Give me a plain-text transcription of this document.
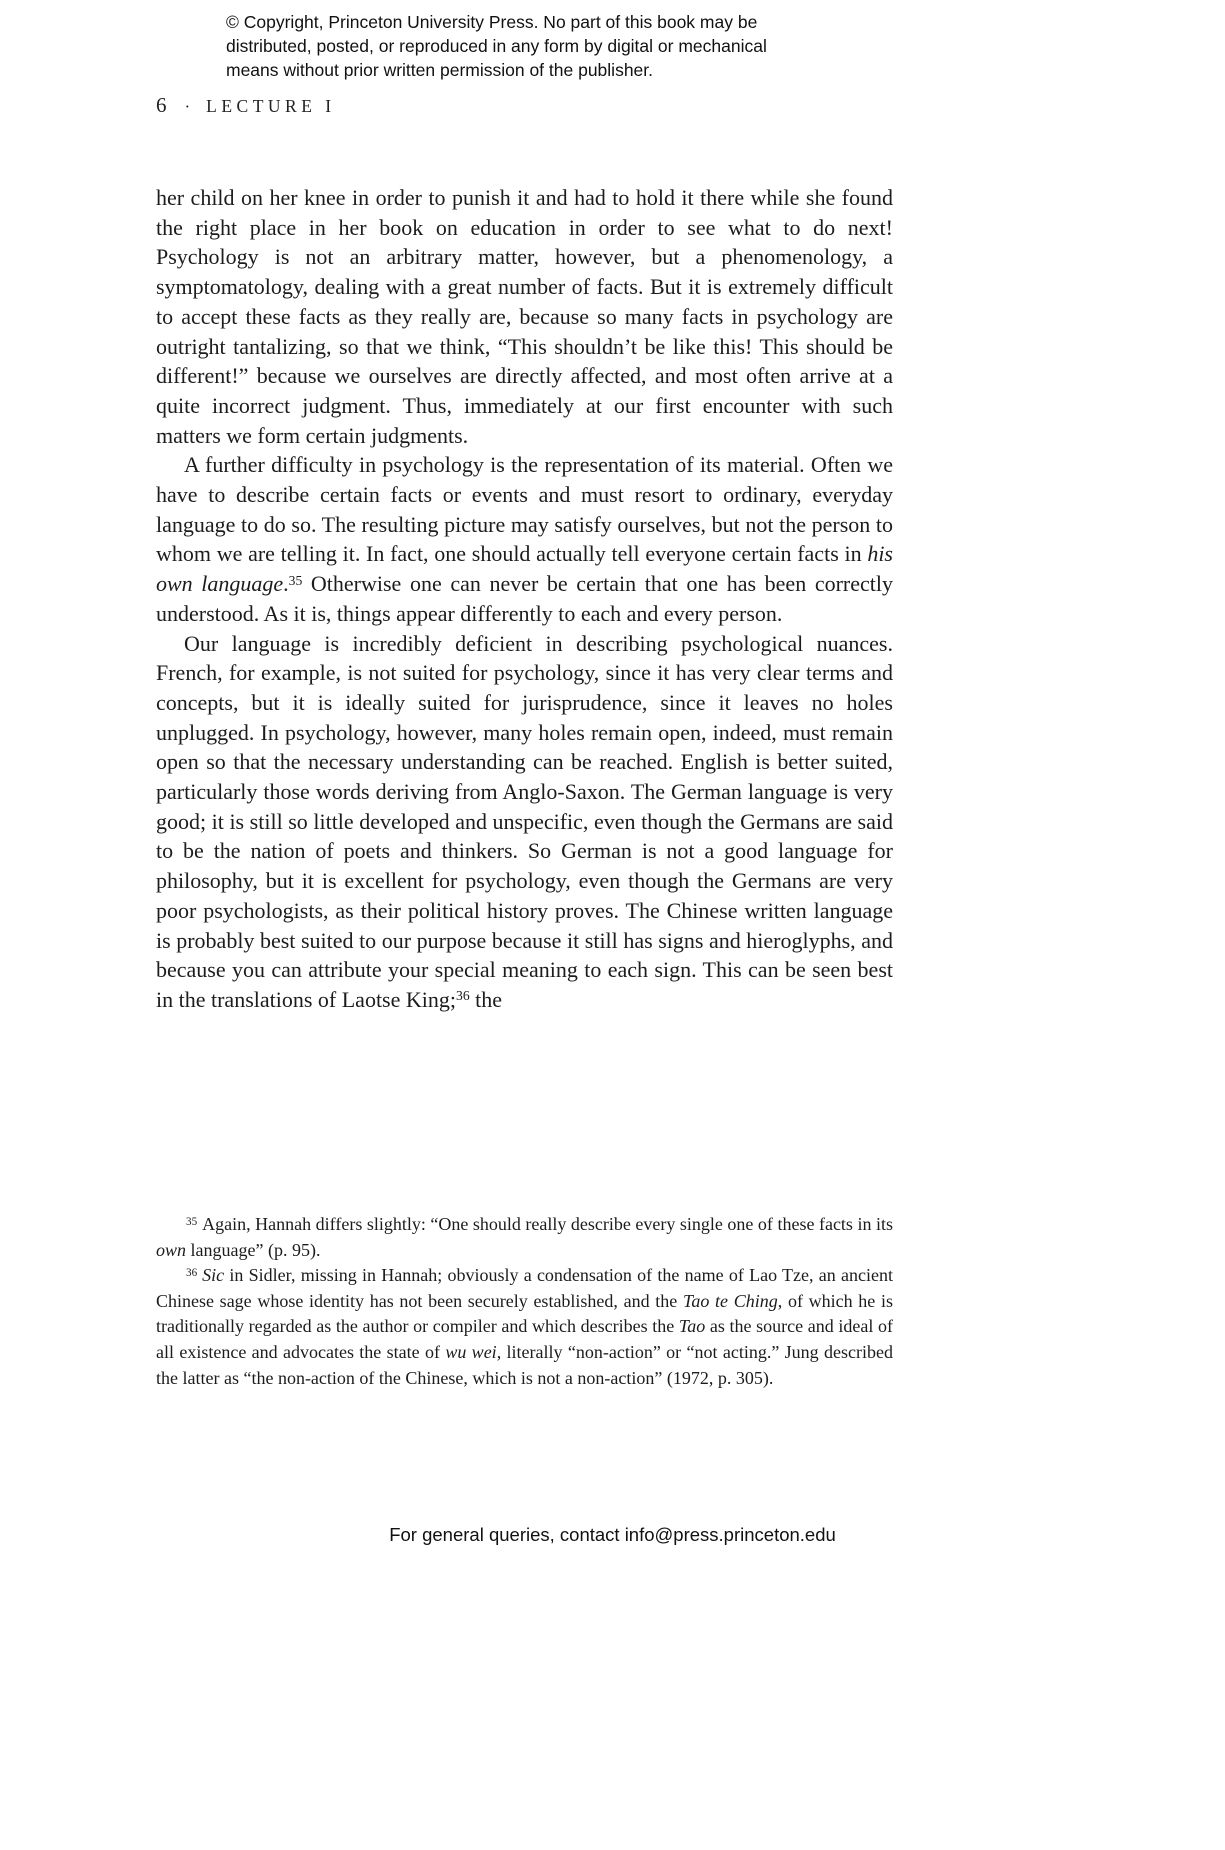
© Copyright, Princeton University Press. No part of this book may be
distributed, posted, or reproduced in any form by digital or mechanical
means without prior written permission of the publisher.
6 · LECTURE I

her child on her knee in order to punish it and had to hold it there while she found the right place in her book on education in order to see what to do next! Psychology is not an arbitrary matter, however, but a phenomenology, a symptomatology, dealing with a great number of facts. But it is extremely difficult to accept these facts as they really are, because so many facts in psychology are outright tantalizing, so that we think, “This shouldn’t be like this! This should be different!” because we ourselves are directly affected, and most often arrive at a quite incorrect judgment. Thus, immediately at our first encounter with such matters we form certain judgments.

A further difficulty in psychology is the representation of its material. Often we have to describe certain facts or events and must resort to ordinary, everyday language to do so. The resulting picture may satisfy ourselves, but not the person to whom we are telling it. In fact, one should actually tell everyone certain facts in his own language.$^{35}$ Otherwise one can never be certain that one has been correctly understood. As it is, things appear differently to each and every person.

Our language is incredibly deficient in describing psychological nuances. French, for example, is not suited for psychology, since it has very clear terms and concepts, but it is ideally suited for jurisprudence, since it leaves no holes unplugged. In psychology, however, many holes remain open, indeed, must remain open so that the necessary understanding can be reached. English is better suited, particularly those words deriving from Anglo-Saxon. The German language is very good; it is still so little developed and unspecific, even though the Germans are said to be the nation of poets and thinkers. So German is not a good language for philosophy, but it is excellent for psychology, even though the Germans are very poor psychologists, as their political history proves. The Chinese written language is probably best suited to our purpose because it still has signs and hieroglyphs, and because you can attribute your special meaning to each sign. This can be seen best in the translations of Laotse King;$^{36}$ the

$^{35}$ Again, Hannah differs slightly: “One should really describe every single one of these facts in its own language” (p. 95).

$^{36}$ Sic in Sidler, missing in Hannah; obviously a condensation of the name of Lao Tze, an ancient Chinese sage whose identity has not been securely established, and the Tao te Ching, of which he is traditionally regarded as the author or compiler and which describes the Tao as the source and ideal of all existence and advocates the state of wu wei, literally “non-action” or “not acting.” Jung described the latter as “the non-action of the Chinese, which is not a non-action” (1972, p. 305).

For general queries, contact info@press.princeton.edu
